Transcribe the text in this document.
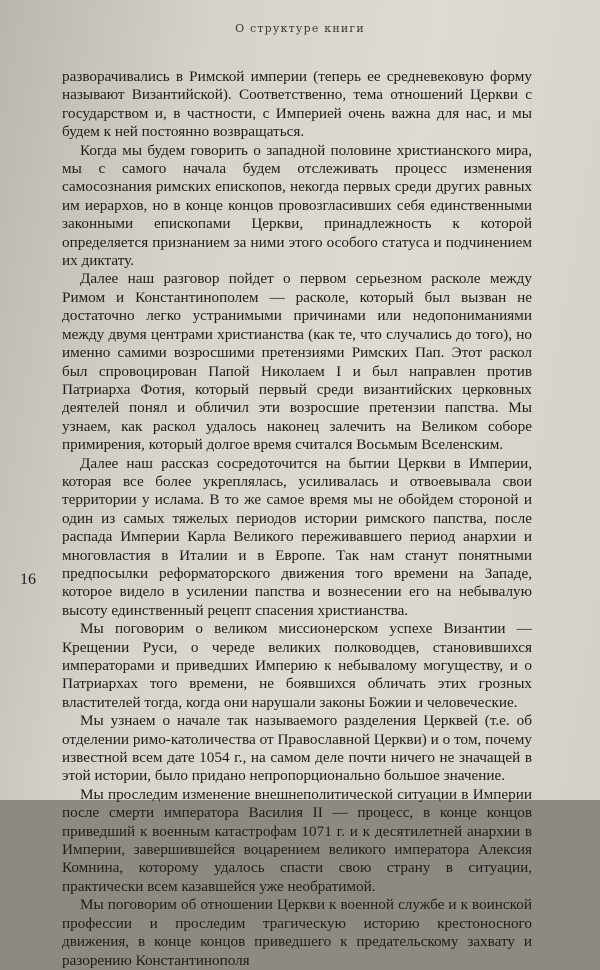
О структуре книги
16

разворачивались в Римской империи (теперь ее средневековую форму называют Византийской). Соответственно, тема отношений Церкви с государством и, в частности, с Империей очень важна для нас, и мы будем к ней постоянно возвращаться.

Когда мы будем говорить о западной половине христианского мира, мы с самого начала будем отслеживать процесс изменения самосознания римских епископов, некогда первых среди других равных им иерархов, но в конце концов провозгласивших себя единственными законными епископами Церкви, принадлежность к которой определяется признанием за ними этого особого статуса и подчинением их диктату.

Далее наш разговор пойдет о первом серьезном расколе между Римом и Константинополем — расколе, который был вызван не достаточно легко устранимыми причинами или недопониманиями между двумя центрами христианства (как те, что случались до того), но именно самими возросшими претензиями Римских Пап. Этот раскол был спровоцирован Папой Николаем I и был направлен против Патриарха Фотия, который первый среди византийских церковных деятелей понял и обличил эти возросшие претензии папства. Мы узнаем, как раскол удалось наконец залечить на Великом соборе примирения, который долгое время считался Восьмым Вселенским.

Далее наш рассказ сосредоточится на бытии Церкви в Империи, которая все более укреплялась, усиливалась и отвоевывала свои территории у ислама. В то же самое время мы не обойдем стороной и один из самых тяжелых периодов истории римского папства, после распада Империи Карла Великого переживавшего период анархии и многовластия в Италии и в Европе. Так нам станут понятными предпосылки реформаторского движения того времени на Западе, которое видело в усилении папства и вознесении его на небывалую высоту единственный рецепт спасения христианства.

Мы поговорим о великом миссионерском успехе Византии — Крещении Руси, о череде великих полководцев, становившихся императорами и приведших Империю к небывалому могуществу, и о Патриархах того времени, не боявшихся обличать этих грозных властителей тогда, когда они нарушали законы Божии и человеческие.

Мы узнаем о начале так называемого разделения Церквей (т.е. об отделении римо-католичества от Православной Церкви) и о том, почему известной всем дате 1054 г., на самом деле почти ничего не значащей в этой истории, было придано непропорционально большое значение.

Мы проследим изменение внешнеполитической ситуации в Империи после смерти императора Василия II — процесс, в конце концов приведший к военным катастрофам 1071 г. и к десятилетней анархии в Империи, завершившейся воцарением великого императора Алексия Комнина, которому удалось спасти свою страну в ситуации, практически всем казавшейся уже необратимой.

Мы поговорим об отношении Церкви к военной службе и к воинской профессии и проследим трагическую историю крестоносного движения, в конце концов приведшего к предательскому захвату и разорению Константинополя
